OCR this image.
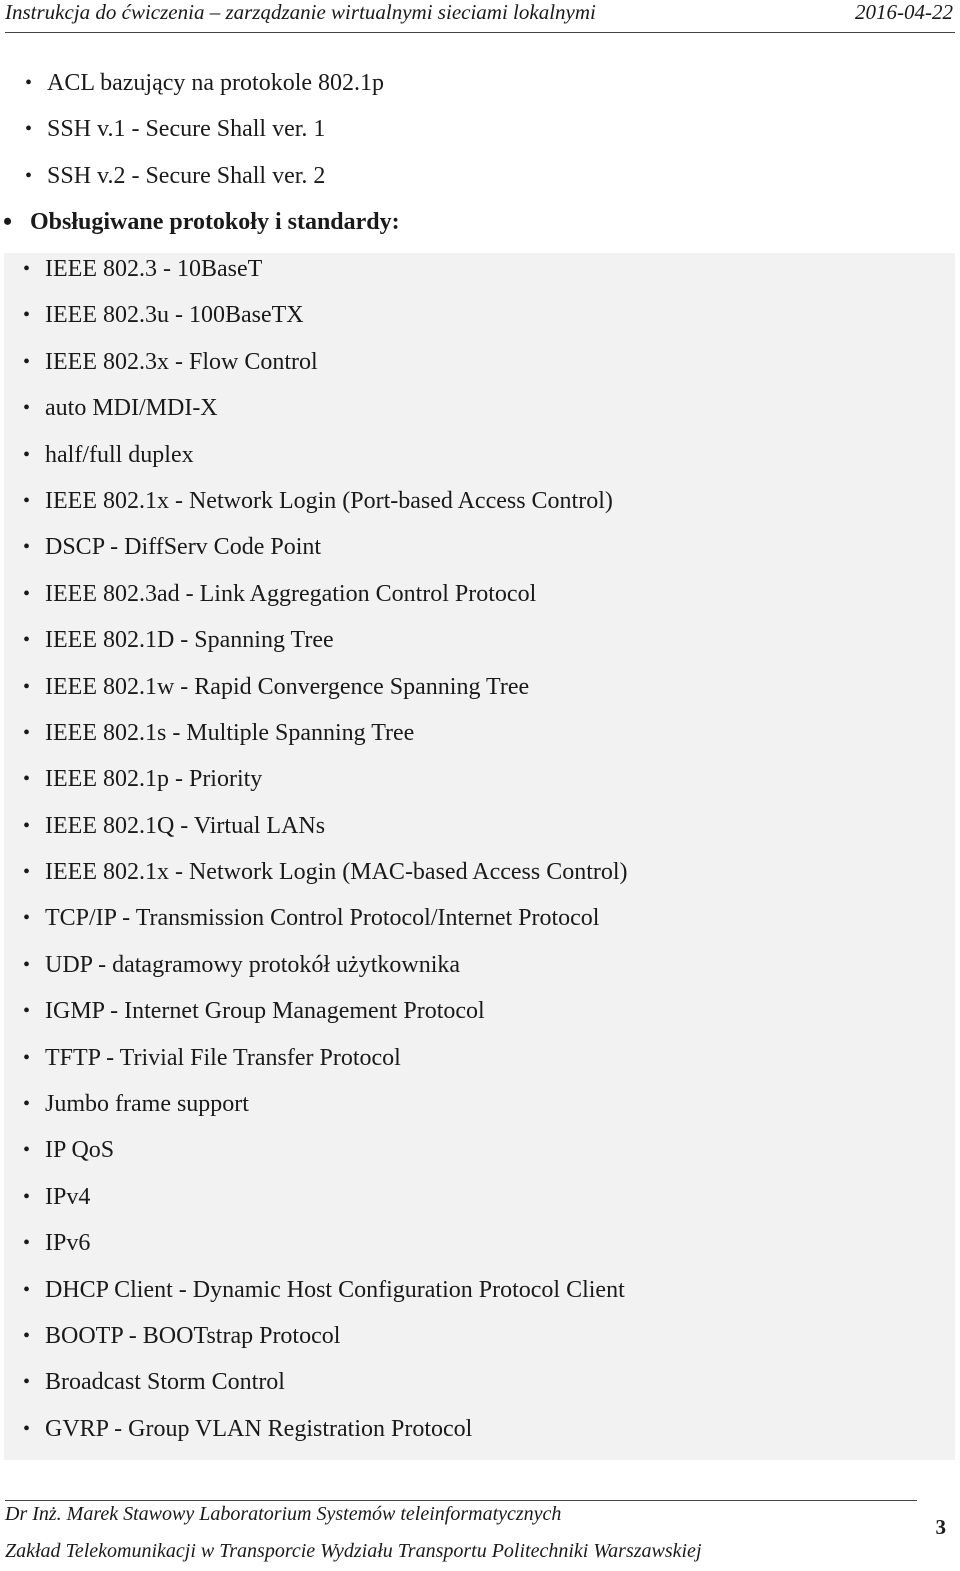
Instrukcja do ćwiczenia – zarządzanie wirtualnymi sieciami lokalnymi	2016-04-22
• ACL bazujący na protokole 802.1p
• SSH v.1 - Secure Shall ver. 1
• SSH v.2 - Secure Shall ver. 2
• Obsługiwane protokoły i standardy:
• IEEE 802.3 - 10BaseT
• IEEE 802.3u - 100BaseTX
• IEEE 802.3x - Flow Control
• auto MDI/MDI-X
• half/full duplex
• IEEE 802.1x - Network Login (Port-based Access Control)
• DSCP - DiffServ Code Point
• IEEE 802.3ad - Link Aggregation Control Protocol
• IEEE 802.1D - Spanning Tree
• IEEE 802.1w - Rapid Convergence Spanning Tree
• IEEE 802.1s - Multiple Spanning Tree
• IEEE 802.1p - Priority
• IEEE 802.1Q - Virtual LANs
• IEEE 802.1x - Network Login (MAC-based Access Control)
• TCP/IP - Transmission Control Protocol/Internet Protocol
• UDP - datagramowy protokół użytkownika
• IGMP - Internet Group Management Protocol
• TFTP - Trivial File Transfer Protocol
• Jumbo frame support
• IP QoS
• IPv4
• IPv6
• DHCP Client - Dynamic Host Configuration Protocol Client
• BOOTP - BOOTstrap Protocol
• Broadcast Storm Control
• GVRP - Group VLAN Registration Protocol
Dr Inż. Marek Stawowy Laboratorium Systemów teleinformatycznych
Zakład Telekomunikacji w Transporcie Wydziału Transportu Politechniki Warszawskiej
3
